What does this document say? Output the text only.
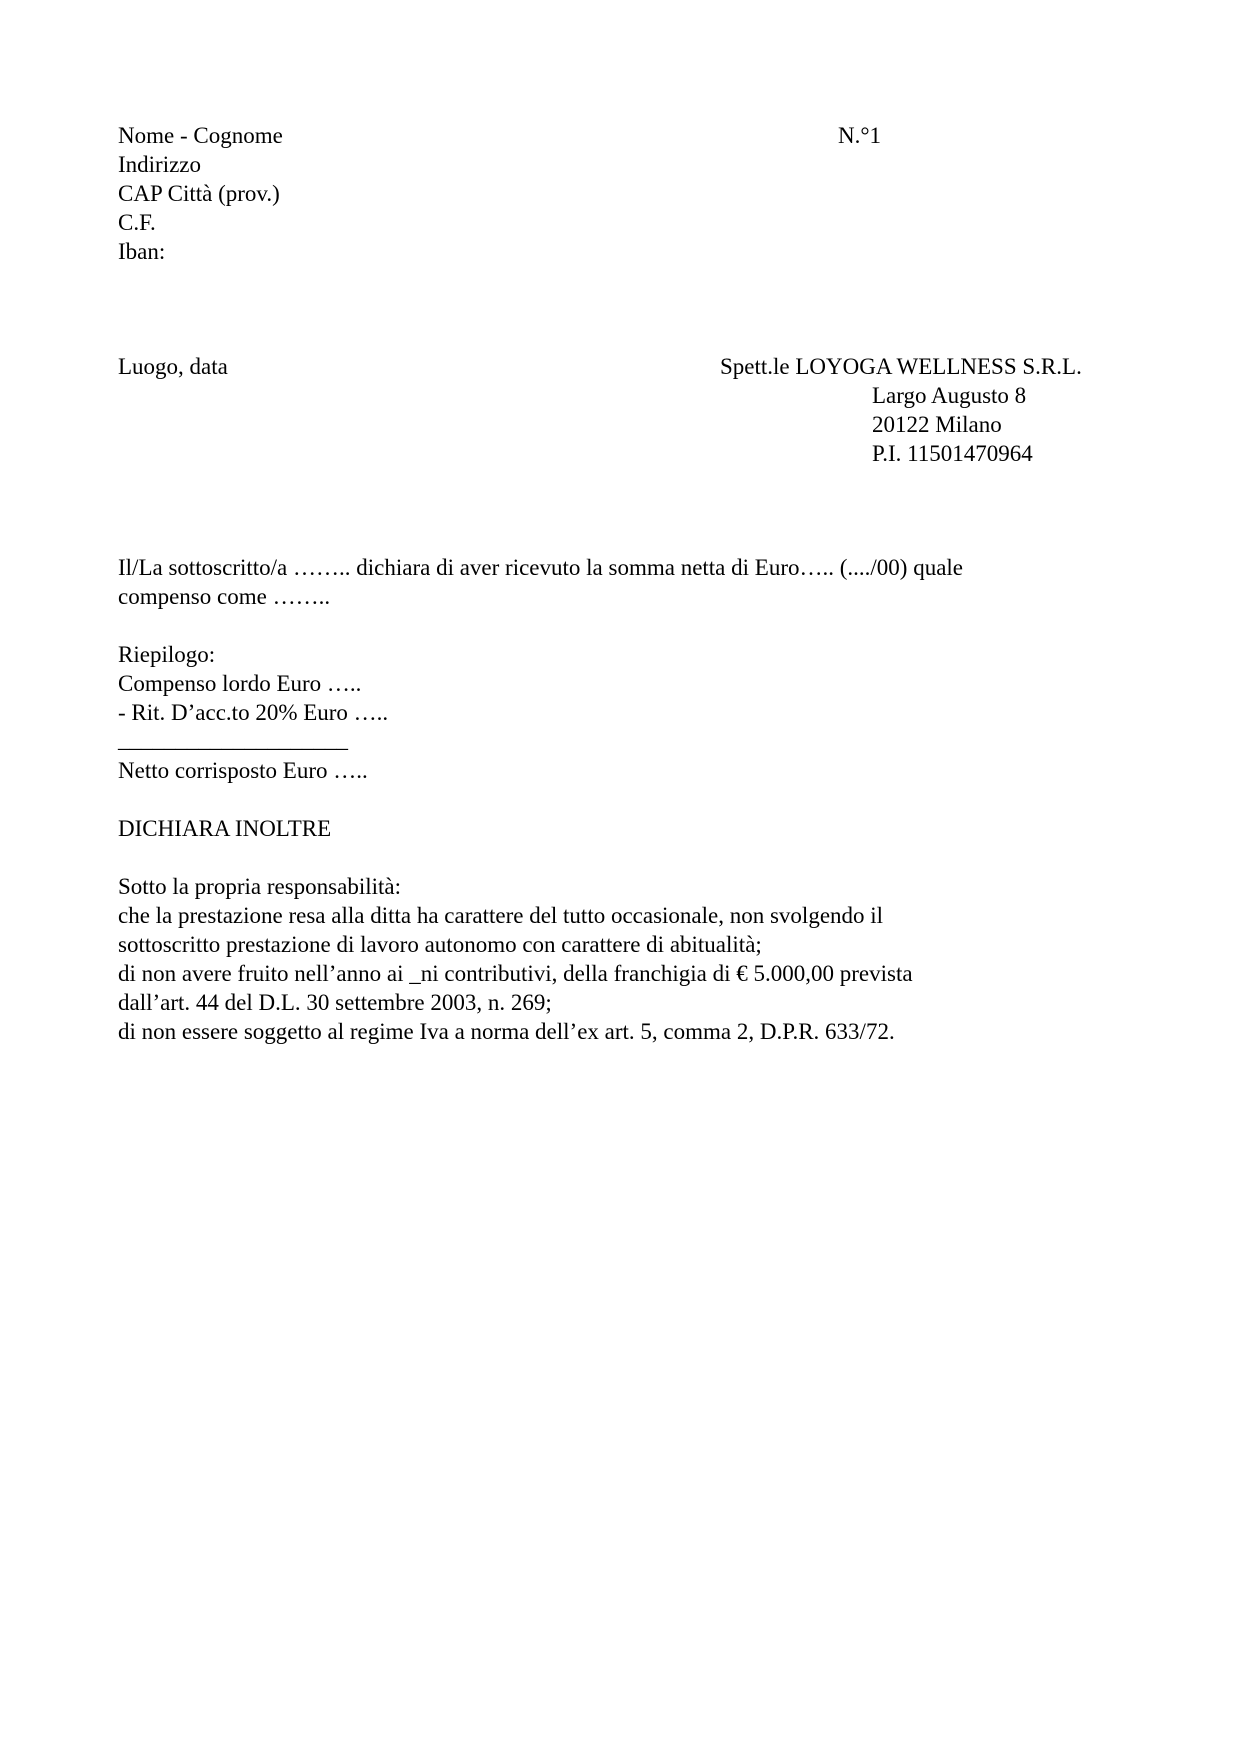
Nome - Cognome	N.°1
Indirizzo
CAP Città (prov.)
C.F.
Iban:
Luogo, data	Spett.le LOYOGA WELLNESS S.R.L.
Largo Augusto 8
20122 Milano
P.I. 11501470964
Il/La sottoscritto/a …….. dichiara di aver ricevuto la somma netta di Euro….. (..../00) quale
compenso come ……..
Riepilogo:
Compenso lordo Euro …..
- Rit. D’acc.to 20% Euro …..
____________________
Netto corrisposto Euro …..
DICHIARA INOLTRE
Sotto la propria responsabilità:
che la prestazione resa alla ditta ha carattere del tutto occasionale, non svolgendo il
sottoscritto prestazione di lavoro autonomo con carattere di abitualità;
di non avere fruito nell’anno ai _ni contributivi, della franchigia di € 5.000,00 prevista
dall’art. 44 del D.L. 30 settembre 2003, n. 269;
di non essere soggetto al regime Iva a norma dell’ex art. 5, comma 2, D.P.R. 633/72.
